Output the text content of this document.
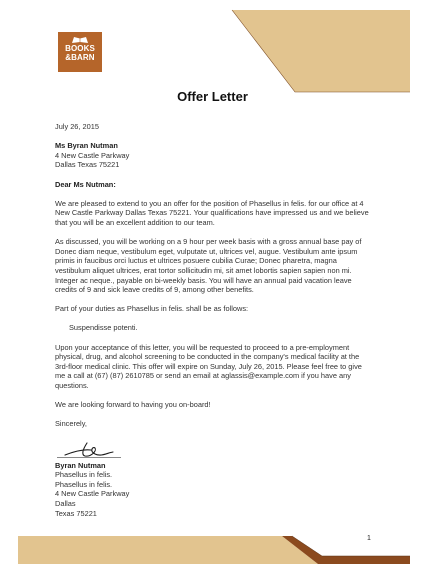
BOOKS
&BARN
Offer Letter

July 26, 2015

Ms Byran Nutman
4 New Castle Parkway
Dallas Texas 75221

Dear Ms Nutman:

We are pleased to extend to you an offer for the position of Phasellus in felis. for our office at 4 New Castle Parkway Dallas Texas 75221. Your qualifications have impressed us and we believe that you will be an excellent addition to our team.

As discussed, you will be working on a 9 hour per week basis with a gross annual base pay of Donec diam neque, vestibulum eget, vulputate ut, ultrices vel, augue. Vestibulum ante ipsum primis in faucibus orci luctus et ultrices posuere cubilia Curae; Donec pharetra, magna vestibulum aliquet ultrices, erat tortor sollicitudin mi, sit amet lobortis sapien sapien non mi. Integer ac neque., payable on bi-weekly basis. You will have an annual paid vacation leave credits of 9 and sick leave credits of 9, among other benefits.

Part of your duties as Phasellus in felis. shall be as follows:

Suspendisse potenti.

Upon your acceptance of this letter, you will be requested to proceed to a pre-employment physical, drug, and alcohol screening to be conducted in the company's medical facility at the 3rd-floor medical clinic. This offer will expire on Sunday, July 26, 2015. Please feel free to give me a call at (67) (87) 2610785 or send an email at aglassis@example.com if you have any questions.

We are looking forward to having you on-board!

Sincerely,

Byran Nutman
Phasellus in felis.
Phasellus in felis.
4 New Castle Parkway
Dallas
Texas 75221

1
